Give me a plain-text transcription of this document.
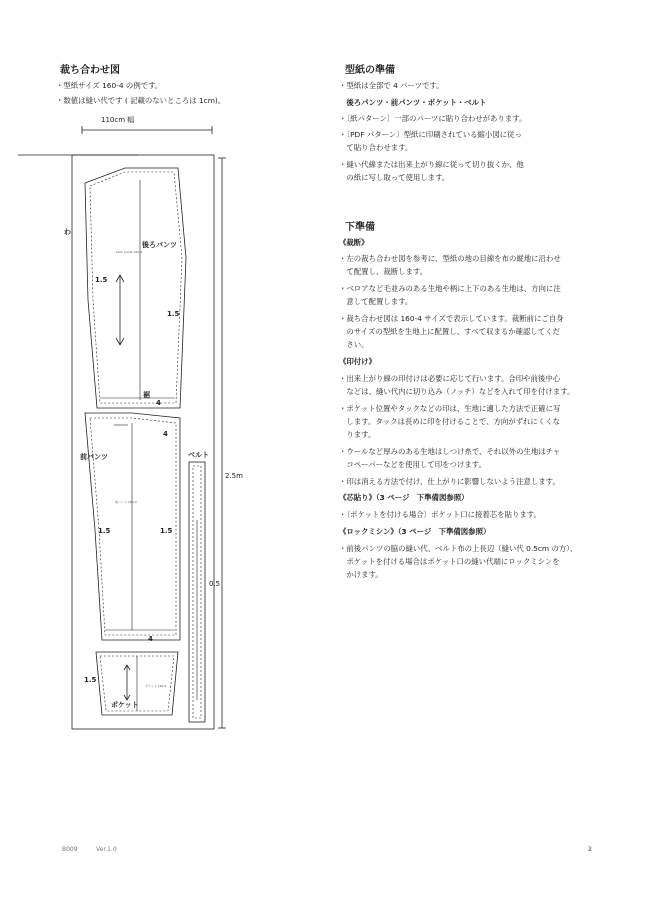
裁ち合わせ図
・型紙サイズ 160-4 の例です。
・数値は縫い代です ( 記載のないところは 1cm)。
110cm 幅
わ
2.5m
後ろパンツ
1.5
1.5
裾
4
back pants 160-4
前パンツ
4
1.5	1.5
4
前パンツ 160-4
ベルト
0.5
1.5
ポケット
ポケット 160-4
型紙の準備
・型紙は全部で 4 パーツです。
　後ろパンツ・前パンツ・ポケット・ベルト
・〔紙パターン〕一部のパーツに貼り合わせがあります。
・〔PDF パターン〕型紙に印刷されている縮小図に従っ
　て貼り合わせます。
・縫い代線または出来上がり線に従って切り抜くか、他
　の紙に写し取って使用します。
下準備
《裁断》
・左の裁ち合わせ図を参考に、型紙の地の目線を布の縦地に沿わせ
　て配置し、裁断します。
・ベロアなど毛並みのある生地や柄に上下のある生地は、方向に注
　意して配置します。
・裁ち合わせ図は 160-4 サイズで表示しています。裁断前にご自身
　のサイズの型紙を生地上に配置し、すべて収まるか確認してくだ
　さい。
《印付け》
・出来上がり線の印付けは必要に応じて行います。合印や前後中心
　などは、縫い代内に切り込み（ノッチ）などを入れて印を付けます。
・ポケット位置やタックなどの印は、生地に適した方法で正確に写
　します。タックは長めに印を付けることで、方向がずれにくくな
　ります。
・ウールなど厚みのある生地はしつけ糸で、それ以外の生地はチャ
　コペーパーなどを使用して印をつけます。
・印は消える方法で付け、仕上がりに影響しないよう注意します。
《芯貼り》（3 ページ　下準備図参照）
・〔ポケットを付ける場合〕ポケット口に接着芯を貼ります。
《ロックミシン》（3 ページ　下準備図参照）
・前後パンツの脇の縫い代、ベルト布の上長辺（縫い代 0.5cm の方）、
　ポケットを付ける場合はポケット口の縫い代端にロックミシンを
　かけます。
B009	Ver.1.0	2
